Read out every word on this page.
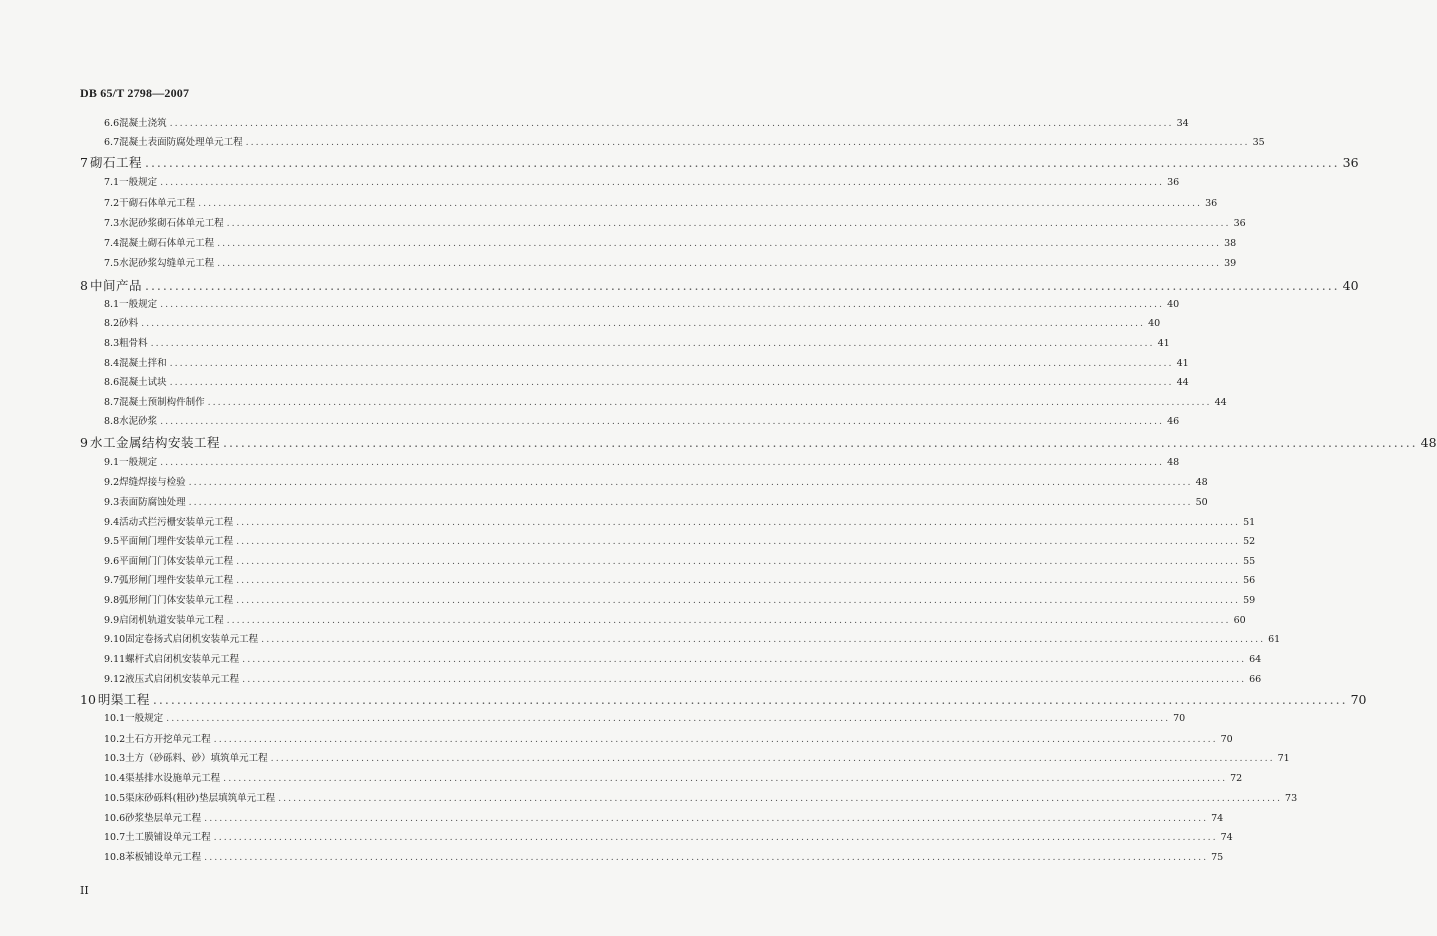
DB 65/T 2798—2007
6.6 混凝土浇筑 ........................................................................................................................................................................................................ 34
6.7 混凝土表面防腐处理单元工程 ........................................................................................................................................................................................................ 35
7 砌石工程 ........................................................................................................................................................................................................ 36
7.1 一般规定 ........................................................................................................................................................................................................ 36
7.2 干砌石体单元工程 ........................................................................................................................................................................................................ 36
7.3 水泥砂浆砌石体单元工程 ........................................................................................................................................................................................................ 36
7.4 混凝土砌石体单元工程 ........................................................................................................................................................................................................ 38
7.5 水泥砂浆勾缝单元工程 ........................................................................................................................................................................................................ 39
8 中间产品 ........................................................................................................................................................................................................ 40
8.1 一般规定 ........................................................................................................................................................................................................ 40
8.2 砂料 ........................................................................................................................................................................................................ 40
8.3 粗骨料 ........................................................................................................................................................................................................ 41
8.4 混凝土拌和 ........................................................................................................................................................................................................ 41
8.6 混凝土试块 ........................................................................................................................................................................................................ 44
8.7 混凝土预制构件制作 ........................................................................................................................................................................................................ 44
8.8 水泥砂浆 ........................................................................................................................................................................................................ 46
9 水工金属结构安装工程 ........................................................................................................................................................................................................ 48
9.1 一般规定 ........................................................................................................................................................................................................ 48
9.2 焊缝焊接与检验 ........................................................................................................................................................................................................ 48
9.3 表面防腐蚀处理 ........................................................................................................................................................................................................ 50
9.4 活动式拦污栅安装单元工程 ........................................................................................................................................................................................................ 51
9.5 平面闸门埋件安装单元工程 ........................................................................................................................................................................................................ 52
9.6 平面闸门门体安装单元工程 ........................................................................................................................................................................................................ 55
9.7 弧形闸门埋件安装单元工程 ........................................................................................................................................................................................................ 56
9.8 弧形闸门门体安装单元工程 ........................................................................................................................................................................................................ 59
9.9 启闭机轨道安装单元工程 ........................................................................................................................................................................................................ 60
9.10 固定卷扬式启闭机安装单元工程 ........................................................................................................................................................................................................ 61
9.11 螺杆式启闭机安装单元工程 ........................................................................................................................................................................................................ 64
9.12 液压式启闭机安装单元工程 ........................................................................................................................................................................................................ 66
10 明渠工程 ........................................................................................................................................................................................................ 70
10.1 一般规定 ........................................................................................................................................................................................................ 70
10.2 土石方开挖单元工程 ........................................................................................................................................................................................................ 70
10.3 土方（砂砾料、砂）填筑单元工程 ........................................................................................................................................................................................................ 71
10.4 渠基排水设施单元工程 ........................................................................................................................................................................................................ 72
10.5 渠床砂砾料(粗砂)垫层填筑单元工程 ........................................................................................................................................................................................................ 73
10.6 砂浆垫层单元工程 ........................................................................................................................................................................................................ 74
10.7 土工膜铺设单元工程 ........................................................................................................................................................................................................ 74
10.8 苯板铺设单元工程 ........................................................................................................................................................................................................ 75
II
